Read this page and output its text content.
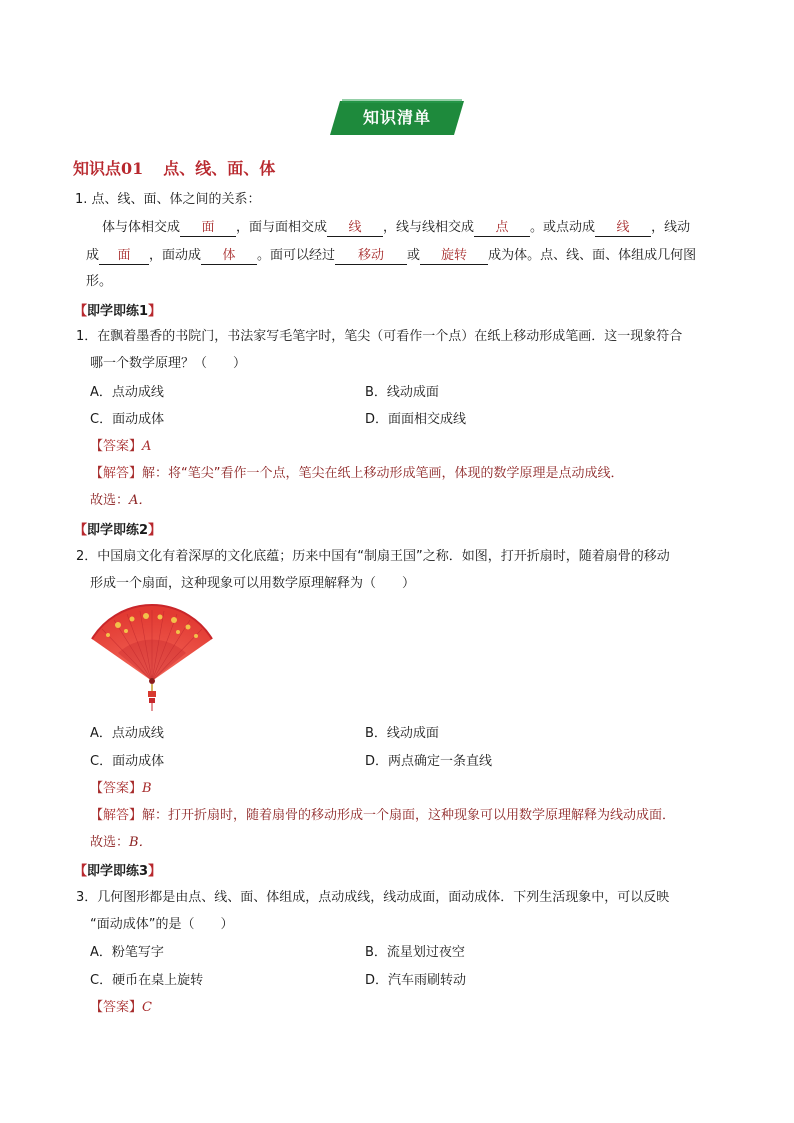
知识清单
知识点01 点、线、面、体
1. 点、线、面、体之间的关系：
体与体相交成 面 ，面与面相交成 线 ，线与线相交成 点 。或点动成 线 ，线动
成 面 ，面动成 体 。面可以经过 移动 或 旋转 成为体。点、线、面、体组成几何图
形。
【即学即练1】
1．在飘着墨香的书院门，书法家写毛笔字时，笔尖（可看作一个点）在纸上移动形成笔画．这一现象符合
哪一个数学原理？（　　）
A．点动成线	B．线动成面
C．面动成体	D．面面相交成线
【答案】A
【解答】解：将“笔尖”看作一个点，笔尖在纸上移动形成笔画，体现的数学原理是点动成线．
故选：A．
【即学即练2】
2．中国扇文化有着深厚的文化底蕴；历来中国有“制扇王国”之称．如图，打开折扇时，随着扇骨的移动
形成一个扇面，这种现象可以用数学原理解释为（　　）
A．点动成线	B．线动成面
C．面动成体	D．两点确定一条直线
【答案】B
【解答】解：打开折扇时，随着扇骨的移动形成一个扇面，这种现象可以用数学原理解释为线动成面．
故选：B．
【即学即练3】
3．几何图形都是由点、线、面、体组成，点动成线，线动成面，面动成体．下列生活现象中，可以反映
“面动成体”的是（　　）
A．粉笔写字	B．流星划过夜空
C．硬币在桌上旋转	D．汽车雨刷转动
【答案】C
